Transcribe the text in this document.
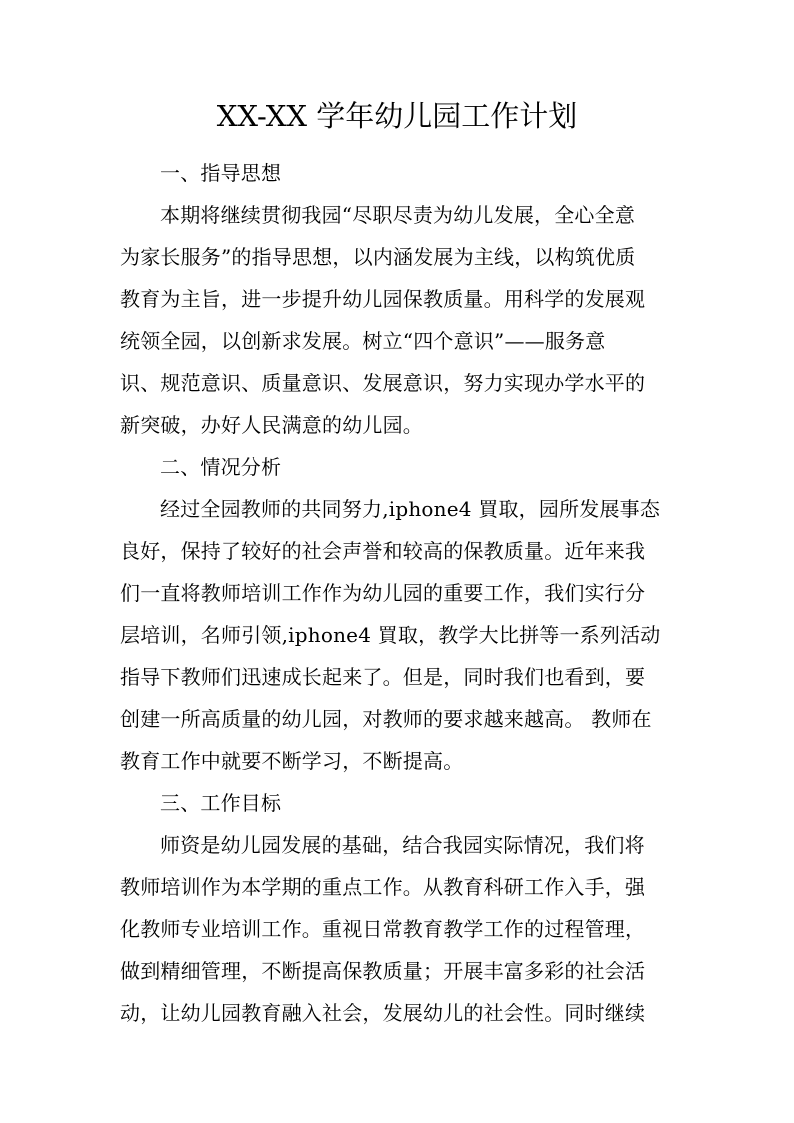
XX-XX 学年幼儿园工作计划
一、指导思想
本期将继续贯彻我园“尽职尽责为幼儿发展，全心全意
为家长服务”的指导思想，以内涵发展为主线，以构筑优质
教育为主旨，进一步提升幼儿园保教质量。用科学的发展观
统领全园，以创新求发展。树立“四个意识”——服务意
识、规范意识、质量意识、发展意识，努力实现办学水平的
新突破，办好人民满意的幼儿园。
二、情况分析
经过全园教师的共同努力,iphone4 買取，园所发展事态
良好，保持了较好的社会声誉和较高的保教质量。近年来我
们一直将教师培训工作作为幼儿园的重要工作，我们实行分
层培训，名师引领,iphone4 買取，教学大比拼等一系列活动
指导下教师们迅速成长起来了。但是，同时我们也看到，要
创建一所高质量的幼儿园，对教师的要求越来越高。 教师在
教育工作中就要不断学习，不断提高。
三、工作目标
师资是幼儿园发展的基础，结合我园实际情况，我们将
教师培训作为本学期的重点工作。从教育科研工作入手，强
化教师专业培训工作。重视日常教育教学工作的过程管理，
做到精细管理，不断提高保教质量；开展丰富多彩的社会活
动，让幼儿园教育融入社会，发展幼儿的社会性。同时继续
